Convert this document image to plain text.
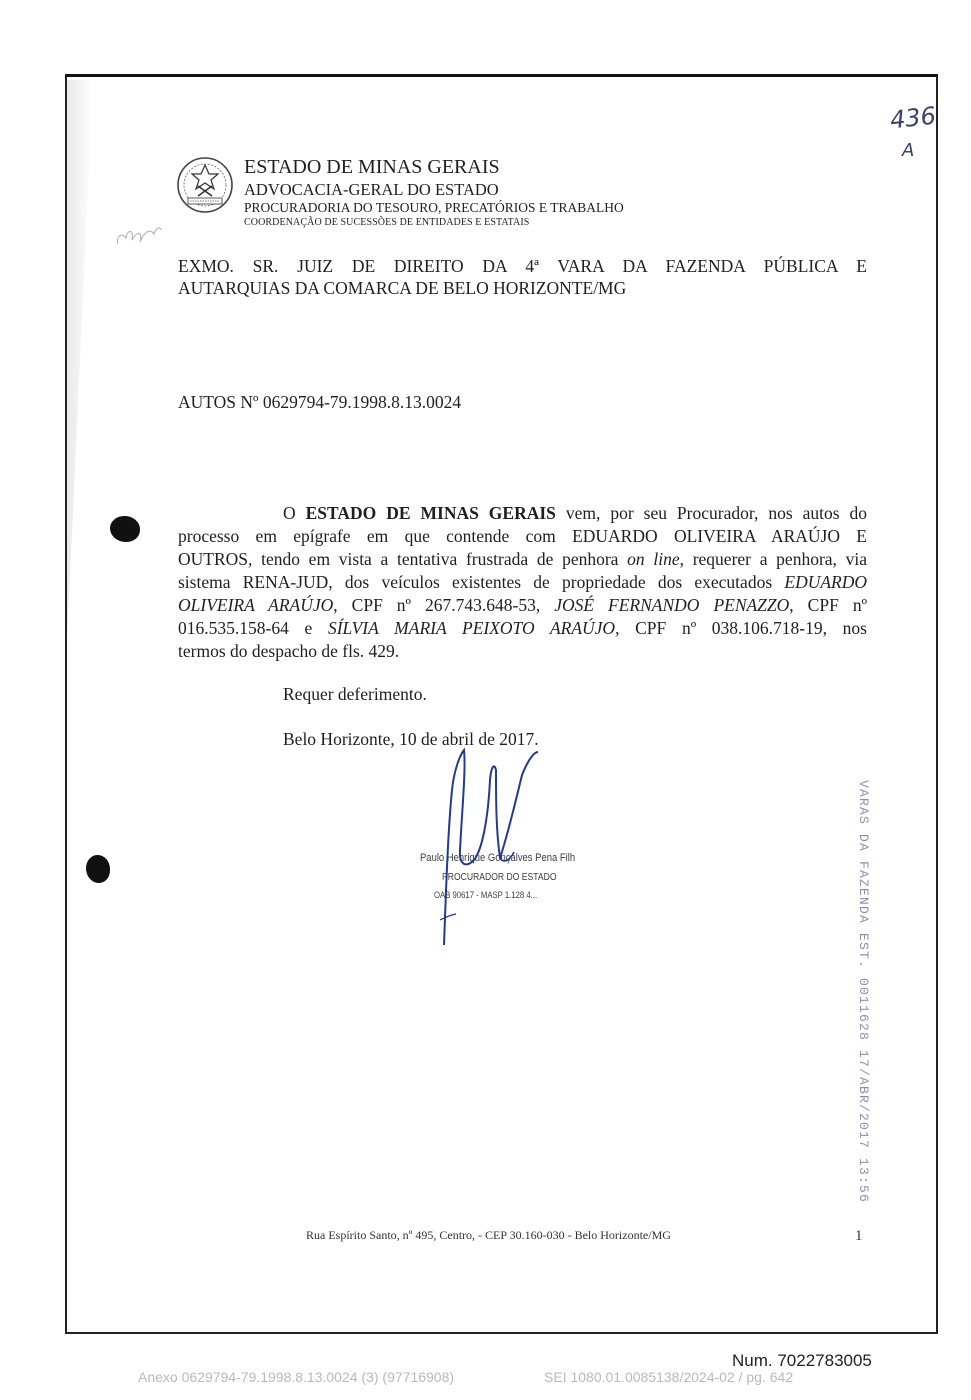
ESTADO DE MINAS GERAIS
ADVOCACIA-GERAL DO ESTADO
PROCURADORIA DO TESOURO, PRECATÓRIOS E TRABALHO
COORDENAÇÃO DE SUCESSÕES DE ENTIDADES E ESTATAIS
436
A
EXMO. SR. JUIZ DE DIREITO DA 4ª VARA DA FAZENDA PÚBLICA E
AUTARQUIAS DA COMARCA DE BELO HORIZONTE/MG
AUTOS Nº 0629794-79.1998.8.13.0024
O ESTADO DE MINAS GERAIS vem, por seu Procurador, nos autos do
processo em epígrafe em que contende com EDUARDO OLIVEIRA ARAÚJO E
OUTROS, tendo em vista a tentativa frustrada de penhora on line, requerer a penhora, via
sistema RENA-JUD, dos veículos existentes de propriedade dos executados EDUARDO
OLIVEIRA ARAÚJO, CPF nº 267.743.648-53, JOSÉ FERNANDO PENAZZO, CPF nº
016.535.158-64 e SÍLVIA MARIA PEIXOTO ARAÚJO, CPF nº 038.106.718-19, nos
termos do despacho de fls. 429.
Requer deferimento.
Belo Horizonte, 10 de abril de 2017.
VARAS DA FAZENDA EST. 0011628 17/ABR/2017 13:56
Paulo Henrique Gonçalves Pena Filh
PROCURADOR DO ESTADO
OAB 90617 - MASP 1.128 4...
Rua Espírito Santo, nº 495, Centro, - CEP 30.160-030 - Belo Horizonte/MG	1
Num. 7022783005
Anexo 0629794-79.1998.8.13.0024 (3) (97716908)	SEI 1080.01.0085138/2024-02 / pg. 642
